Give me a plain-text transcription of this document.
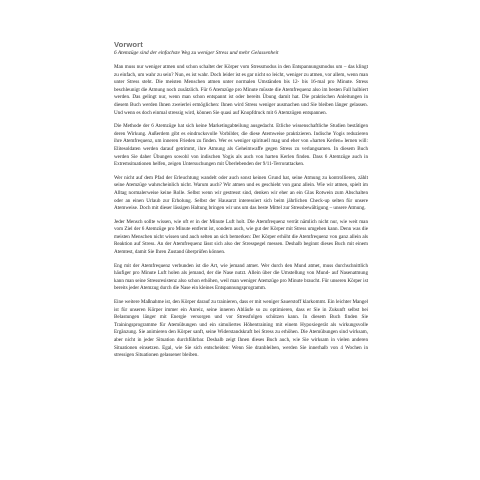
Vorwort
6 Atemzüge sind der einfachste Weg zu weniger Stress und mehr Gelassenheit

Man muss nur weniger atmen und schon schaltet der Körper vom Stressmodus in den Entspannungsmodus um – das klingt zu einfach, um wahr zu sein? Nun, es ist wahr. Doch leider ist es gar nicht so leicht, weniger zu atmen, vor allem, wenn man unter Stress steht. Die meisten Menschen atmen unter normalen Umständen bis 12- bis 16-mal pro Minute. Stress beschleunigt die Atmung noch zusätzlich. Für 6 Atemzüge pro Minute müsste die Atemfrequenz also im besten Fall halbiert werden. Das gelingt nur, wenn man schon entspannt ist oder bereits Übung damit hat. Die praktischen Anleitungen in diesem Buch werden Ihnen zweierlei ermöglichen: Ihnen wird Stress weniger ausmachen und Sie bleiben länger gelassen. Und wenn es doch einmal stressig wird, können Sie quasi auf Knopfdruck mit 6 Atemzügen entspannen.

Die Methode der 6 Atemzüge hat sich keine Marketingabteilung ausgedacht. Etliche wissenschaftliche Studien bestätigen deren Wirkung. Außerdem gibt es eindrucksvolle Vorbilder, die diese Atemweise praktizieren. Indische Yogis reduzieren ihre Atemfrequenz, um inneren Frieden zu finden. Wer es weniger spirituell mag und eher von »harten Kerlen« lernen will: Elitesoldaten werden darauf getrimmt, ihre Atmung als Geheimwaffe gegen Stress zu verlangsamen. In diesem Buch werden Sie daher Übungen sowohl von indischen Yogis als auch von harten Kerlen finden. Dass 6 Atemzüge auch in Extremsituationen helfen, zeigen Untersuchungen mit Überlebenden der 9/11-Terrorattacken.

Wer nicht auf dem Pfad der Erleuchtung wandelt oder auch sonst keinen Grund hat, seine Atmung zu kontrollieren, zählt seine Atemzüge wahrscheinlich nicht. Warum auch? Wir atmen und es geschieht von ganz allein. Wie wir atmen, spielt im Alltag normalerweise keine Rolle. Selbst wenn wir gestresst sind, denken wir eher an ein Glas Rotwein zum Abschalten oder an einen Urlaub zur Erholung. Selbst der Hausarzt interessiert sich beim jährlichen Check-up selten für unsere Atemweise. Doch mit dieser lässigen Haltung bringen wir uns um das beste Mittel zur Stressbewältigung – unsere Atmung.

Jeder Mensch sollte wissen, wie oft er in der Minute Luft holt. Die Atemfrequenz verrät nämlich nicht nur, wie weit man vom Ziel der 6 Atemzüge pro Minute entfernt ist, sondern auch, wie gut der Körper mit Stress umgehen kann. Denn was die meisten Menschen nicht wissen und auch selten an sich bemerken: Der Körper erhöht die Atemfrequenz von ganz allein als Reaktion auf Stress. An der Atemfrequenz lässt sich also der Stresspegel messen. Deshalb beginnt dieses Buch mit einem Atemtest, damit Sie Ihren Zustand überprüfen können.

Eng mit der Atemfrequenz verbunden ist die Art, wie jemand atmet. Wer durch den Mund atmet, muss durchschnittlich häufiger pro Minute Luft holen als jemand, der die Nase nutzt. Allein über die Umstellung von Mund- auf Nasenatmung kann man seine Stressresistenz also schon erhöhen, weil man weniger Atemzüge pro Minute braucht. Für unseren Körper ist bereits jeder Atemzug durch die Nase ein kleines Entspannungsprogramm.

Eine weitere Maßnahme ist, den Körper darauf zu trainieren, dass er mit weniger Sauerstoff klarkommt. Ein leichter Mangel ist für unseren Körper immer ein Anreiz, seine inneren Abläufe so zu optimieren, dass er Sie in Zukunft selbst bei Belastungen länger mit Energie versorgen und vor Stressfolgen schützen kann. In diesem Buch finden Sie Trainingsprogramme für Atemübungen und ein simuliertes Höhentraining mit einem Hypoxiegerät als wirkungsvolle Ergänzung. Sie animieren den Körper sanft, seine Widerstandskraft bei Stress zu erhöhen. Die Atemübungen sind wirksam, aber nicht in jeder Situation durchführbar. Deshalb zeigt Ihnen dieses Buch auch, wie Sie wirksam in vielen anderen Situationen einsetzen. Egal, wie Sie sich entscheiden: Wenn Sie dranbleiben, werden Sie innerhalb von 4 Wochen in stressigen Situationen gelassener bleiben.
